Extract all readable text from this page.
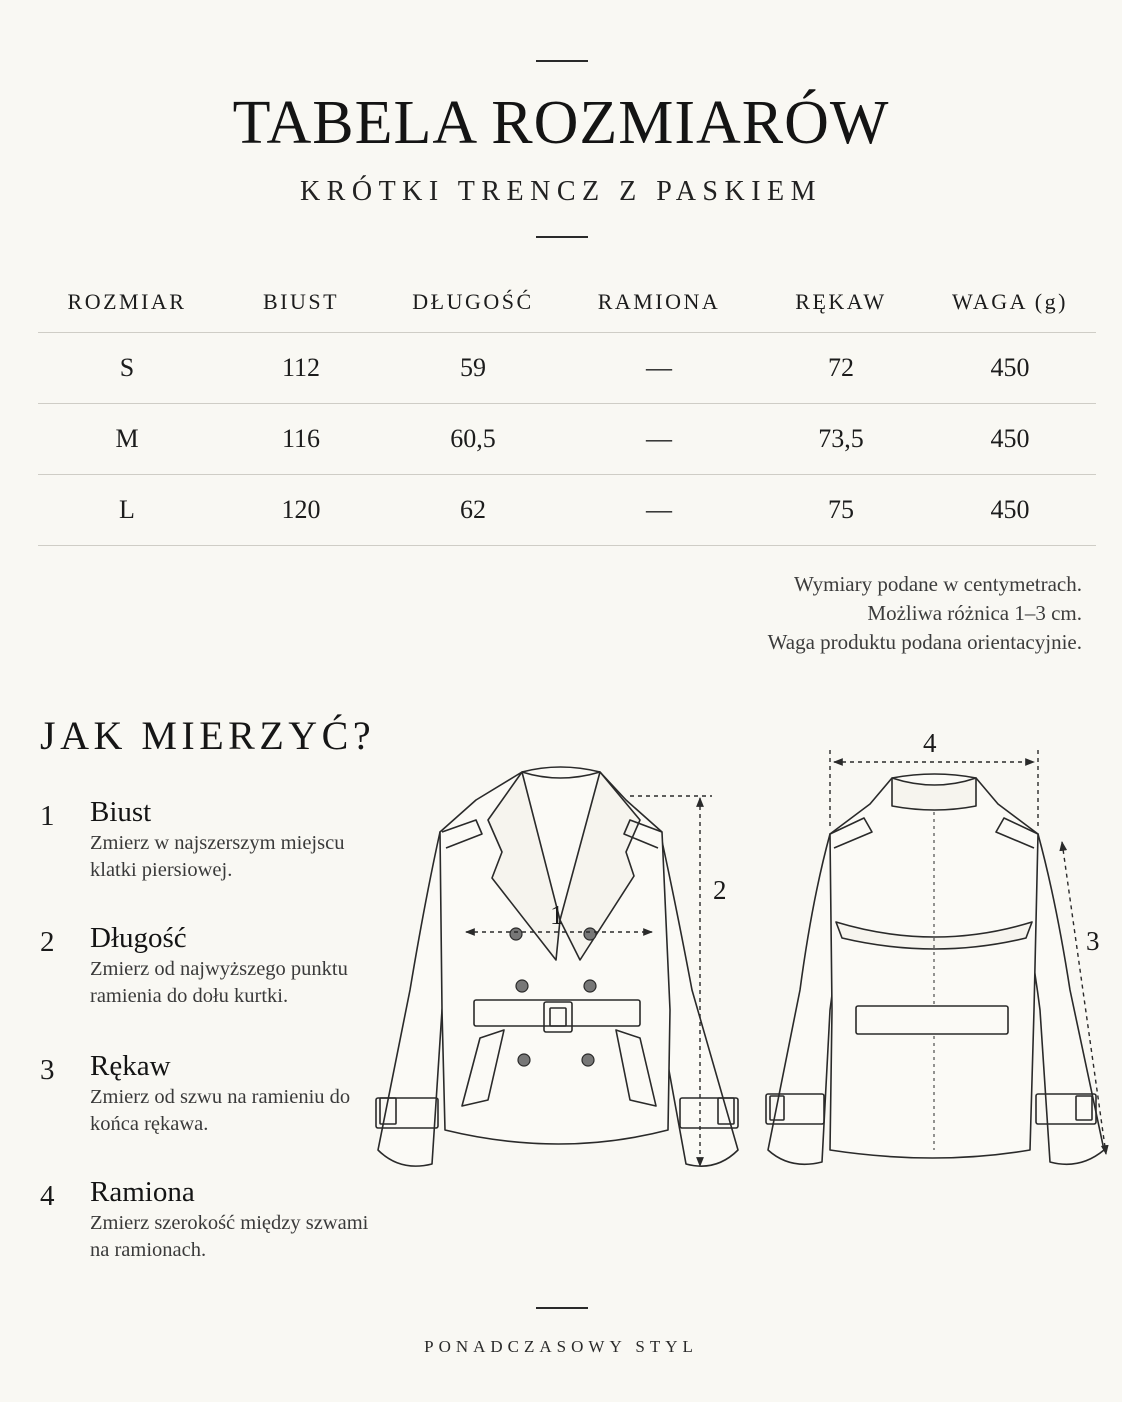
TABELA ROZMIARÓW
KRÓTKI TRENCZ Z PASKIEM
ROZMIAR	BIUST	DŁUGOŚĆ	RAMIONA	RĘKAW	WAGA (g)
S	112	59	—	72	450
M	116	60,5	—	73,5	450
L	120	62	—	75	450
Wymiary podane w centymetrach.
Możliwa różnica 1–3 cm.
Waga produktu podana orientacyjnie.
JAK MIERZYĆ?
1 Biust
Zmierz w najszerszym miejscu klatki piersiowej.
2 Długość
Zmierz od najwyższego punktu ramienia do dołu kurtki.
3 Rękaw
Zmierz od szwu na ramieniu do końca rękawa.
4 Ramiona
Zmierz szerokość między szwami na ramionach.
1
2
4
3
PONADCZASOWY STYL
